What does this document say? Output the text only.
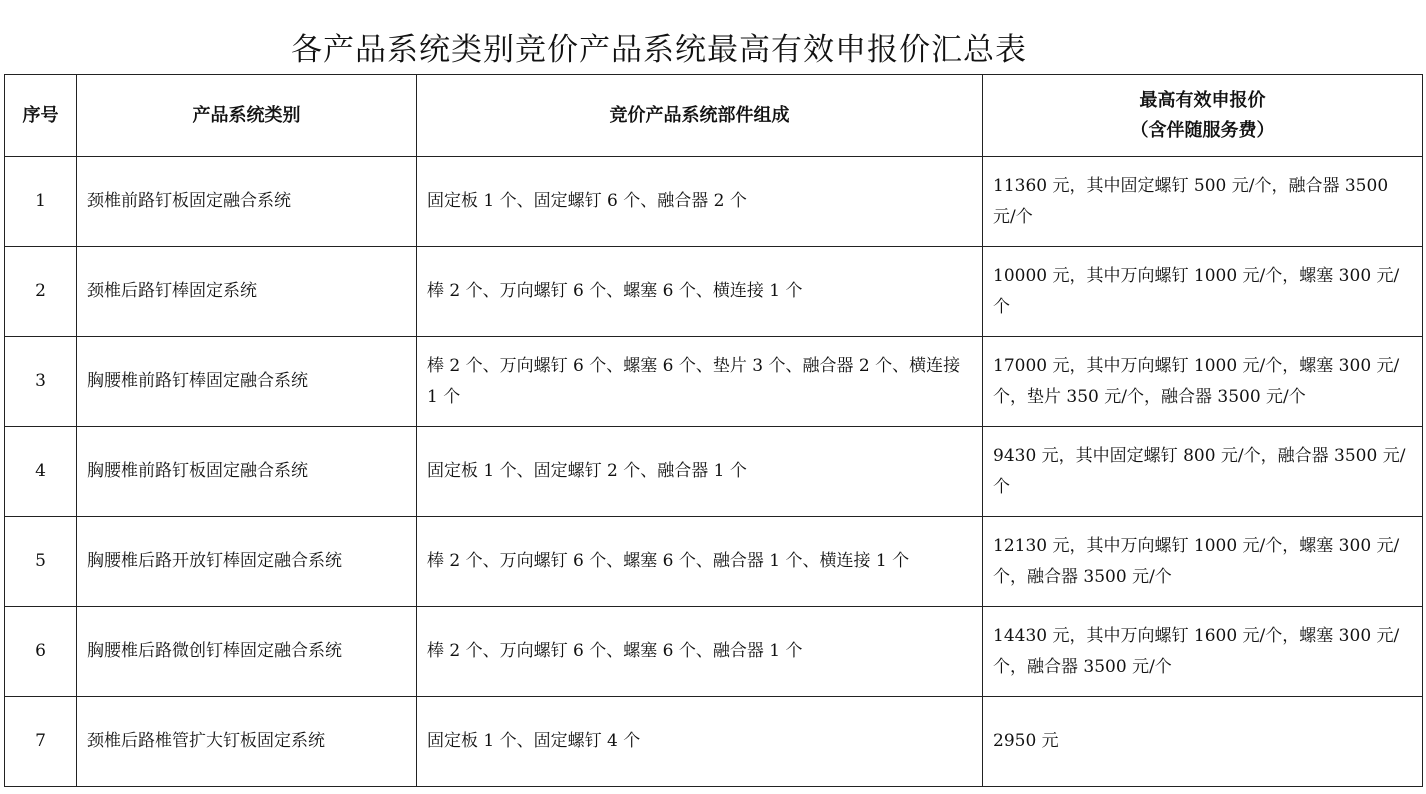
各产品系统类别竞价产品系统最高有效申报价汇总表
序号	产品系统类别	竞价产品系统部件组成	最高有效申报价
（含伴随服务费）

1	颈椎前路钉板固定融合系统	固定板 1 个、固定螺钉 6 个、融合器 2 个	11360 元，其中固定螺钉 500 元/个，融合器 3500 元/个
2	颈椎后路钉棒固定系统	棒 2 个、万向螺钉 6 个、螺塞 6 个、横连接 1 个	10000 元，其中万向螺钉 1000 元/个，螺塞 300 元/个
3	胸腰椎前路钉棒固定融合系统	棒 2 个、万向螺钉 6 个、螺塞 6 个、垫片 3 个、融合器 2 个、横连接 1 个	17000 元，其中万向螺钉 1000 元/个，螺塞 300 元/个，垫片 350 元/个，融合器 3500 元/个
4	胸腰椎前路钉板固定融合系统	固定板 1 个、固定螺钉 2 个、融合器 1 个	9430 元，其中固定螺钉 800 元/个，融合器 3500 元/个
5	胸腰椎后路开放钉棒固定融合系统	棒 2 个、万向螺钉 6 个、螺塞 6 个、融合器 1 个、横连接 1 个	12130 元，其中万向螺钉 1000 元/个，螺塞 300 元/个，融合器 3500 元/个
6	胸腰椎后路微创钉棒固定融合系统	棒 2 个、万向螺钉 6 个、螺塞 6 个、融合器 1 个	14430 元，其中万向螺钉 1600 元/个，螺塞 300 元/个，融合器 3500 元/个
7	颈椎后路椎管扩大钉板固定系统	固定板 1 个、固定螺钉 4 个	2950 元
